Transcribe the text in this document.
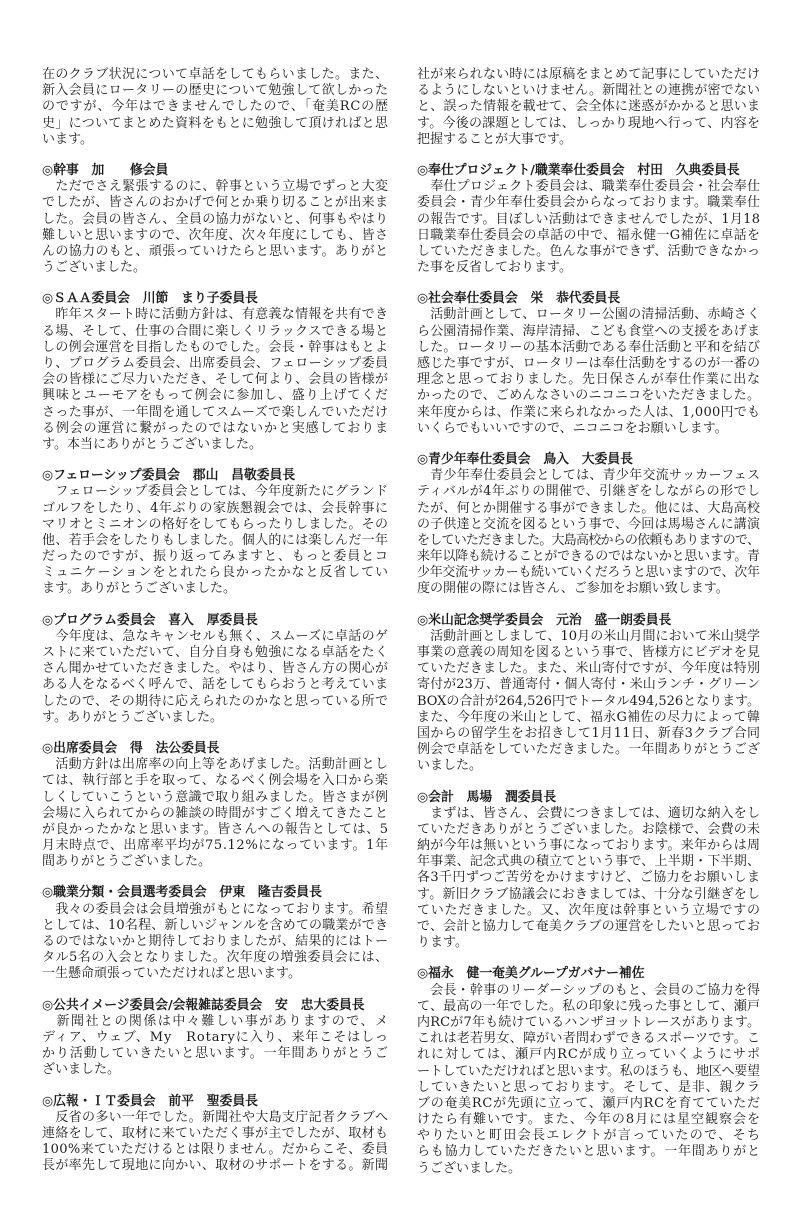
在のクラブ状況について卓話をしてもらいました。また、
新入会員にロータリーの歴史について勉強して欲しかった
のですが、今年はできませんでしたので、「奄美RCの歴
史」についてまとめた資料をもとに勉強して頂ければと思
います。
◎幹事　加　　修会員
　ただでさえ緊張するのに、幹事という立場でずっと大変
でしたが、皆さんのおかげで何とか乗り切ることが出来ま
した。会員の皆さん、全員の協力がないと、何事もやはり
難しいと思いますので、次年度、次々年度にしても、皆さ
んの協力のもと、頑張っていけたらと思います。ありがと
うございました。
◎ＳＡＡ委員会　川節　まり子委員長
　昨年スタート時に活動方針は、有意義な情報を共有でき
る場、そして、仕事の合間に楽しくリラックスできる場と
しの例会運営を目指したものでした。会長・幹事はもとよ
り、プログラム委員会、出席委員会、フェローシップ委員
会の皆様にご尽力いただき、そして何より、会員の皆様が
興味とユーモアをもって例会に参加し、盛り上げてくだ
さった事が、一年間を通してスムーズで楽しんでいただけ
る例会の運営に繋がったのではないかと実感しておりま
す。本当にありがとうございました。
◎フェローシップ委員会　郡山　昌敬委員長
　フェローシップ委員会としては、今年度新たにグランド
ゴルフをしたり、4年ぶりの家族懇親会では、会長幹事に
マリオとミニオンの格好をしてもらったりしました。その
他、若手会をしたりもしました。個人的には楽しんだ一年
だったのですが、振り返ってみますと、もっと委員とコ
ミュニケーションをとれたら良かったかなと反省してい
ます。ありがとうございました。
◎プログラム委員会　喜入　厚委員長
　今年度は、急なキャンセルも無く、スムーズに卓話のゲ
ストに来ていただいて、自分自身も勉強になる卓話をたく
さん聞かせていただきました。やはり、皆さん方の関心が
ある人をなるべく呼んで、話をしてもらおうと考えていま
したので、その期待に応えられたのかなと思っている所で
す。ありがとうございました。
◎出席委員会　得　法公委員長
　活動方針は出席率の向上等をあげました。活動計画とし
ては、執行部と手を取って、なるべく例会場を入口から楽
しくしていこうという意識で取り組みました。皆さまが例
会場に入られてからの雑談の時間がすごく増えてきたこと
が良かったかなと思います。皆さんへの報告としては、5
月末時点で、出席率平均が75.12%になっています。1年
間ありがとうございました。
◎職業分類・会員選考委員会　伊東　隆吉委員長
　我々の委員会は会員増強がもとになっております。希望
としては、10名程、新しいジャンルを含めての職業ができ
るのではないかと期待しておりましたが、結果的にはトー
タル5名の入会となりました。次年度の増強委員会には、
一生懸命頑張っていただければと思います。
◎公共イメージ委員会/会報雑誌委員会　安　忠大委員長
　新聞社との関係は中々難しい事がありますので、メ
ディア、ウェブ、My　Rotaryに入り、来年こそはしっ
かり活動していきたいと思います。一年間ありがとうご
ざいました。
◎広報・ＩＴ委員会　前平　聖委員長
　反省の多い一年でした。新聞社や大島支庁記者クラブへ
連絡をして、取材に来ていただく事が主でしたが、取材も
100%来ていただけるとは限りません。だからこそ、委員
長が率先して現地に向かい、取材のサポートをする。新聞
社が来られない時には原稿をまとめて記事にしていただけ
るようにしないといけません。新聞社との連携が密でない
と、誤った情報を載せて、会全体に迷惑がかかると思いま
す。今後の課題としては、しっかり現地へ行って、内容を
把握することが大事です。
◎奉仕プロジェクト/職業奉仕委員会　村田　久典委員長
　奉仕プロジェクト委員会は、職業奉仕委員会・社会奉仕
委員会・青少年奉仕委員会からなっております。職業奉仕
の報告です。目ぼしい活動はできませんでしたが、1月18
日職業奉仕委員会の卓話の中で、福永健一G補佐に卓話を
していただきました。色んな事ができず、活動できなかっ
た事を反省しております。
◎社会奉仕委員会　栄　恭代委員長
　活動計画として、ロータリー公園の清掃活動、赤崎さく
ら公園清掃作業、海岸清掃、こども食堂への支援をあげま
した。ロータリーの基本活動である奉仕活動と平和を結び
感じた事ですが、ロータリーは奉仕活動をするのが一番の
理念と思っておりました。先日保さんが奉仕作業に出な
かったので、ごめんなさいのニコニコをいただきました。
来年度からは、作業に来られなかった人は、1,000円でも
いくらでもいいですので、ニコニコをお願いします。
◎青少年奉仕委員会　鳥入　大委員長
　青少年奉仕委員会としては、青少年交流サッカーフェス
ティバルが4年ぶりの開催で、引継ぎをしながらの形でし
たが、何とか開催する事ができました。他には、大島高校
の子供達と交流を図るという事で、今回は馬場さんに講演
をしていただきました。大島高校からの依頼もありますので、
来年以降も続けることができるのではないかと思います。青
少年交流サッカーも続いていくだろうと思いますので、次年
度の開催の際には皆さん、ご参加をお願い致します。
◎米山記念奨学委員会　元治　盛一朗委員長
　活動計画としまして、10月の米山月間において米山奨学
事業の意義の周知を図るという事で、皆様方にビデオを見
ていただきました。また、米山寄付ですが、今年度は特別
寄付が23万、普通寄付・個人寄付・米山ランチ・グリーン
BOXの合計が264,526円でトータル494,526となります。
また、今年度の米山として、福永G補佐の尽力によって韓
国からの留学生をお招きして1月11日、新春3クラブ合同
例会で卓話をしていただきました。一年間ありがとうござ
いました。
◎会計　馬場　潤委員長
　まずは、皆さん、会費につきましては、適切な納入をし
ていただきありがとうございました。お陰様で、会費の未
納が今年は無いという事になっております。来年からは周
年事業、記念式典の積立てという事で、上半期・下半期、
各3千円ずつご苦労をかけますけど、ご協力をお願いしま
す。新旧クラブ協議会におきましては、十分な引継ぎをし
ていただきました。又、次年度は幹事という立場ですの
で、会計と協力して奄美クラブの運営をしたいと思ってお
ります。
◎福永　健一奄美グループガバナー補佐
　会長・幹事のリーダーシップのもと、会員のご協力を得
て、最高の一年でした。私の印象に残った事として、瀬戸
内RCが7年も続けているハンザヨットレースがあります。
これは老若男女、障がい者問わずできるスポーツです。こ
れに対しては、瀬戸内RCが成り立っていくようにサポ
ートしていただければと思います。私のほうも、地区へ要望
していきたいと思っております。そして、是非、親クラ
ブの奄美RCが先頭に立って、瀬戸内RCを育てていただ
けたら有難いです。また、今年の8月には星空観察会を
やりたいと町田会長エレクトが言っていたので、そち
らも協力していただきたいと思います。一年間ありがと
うございました。
